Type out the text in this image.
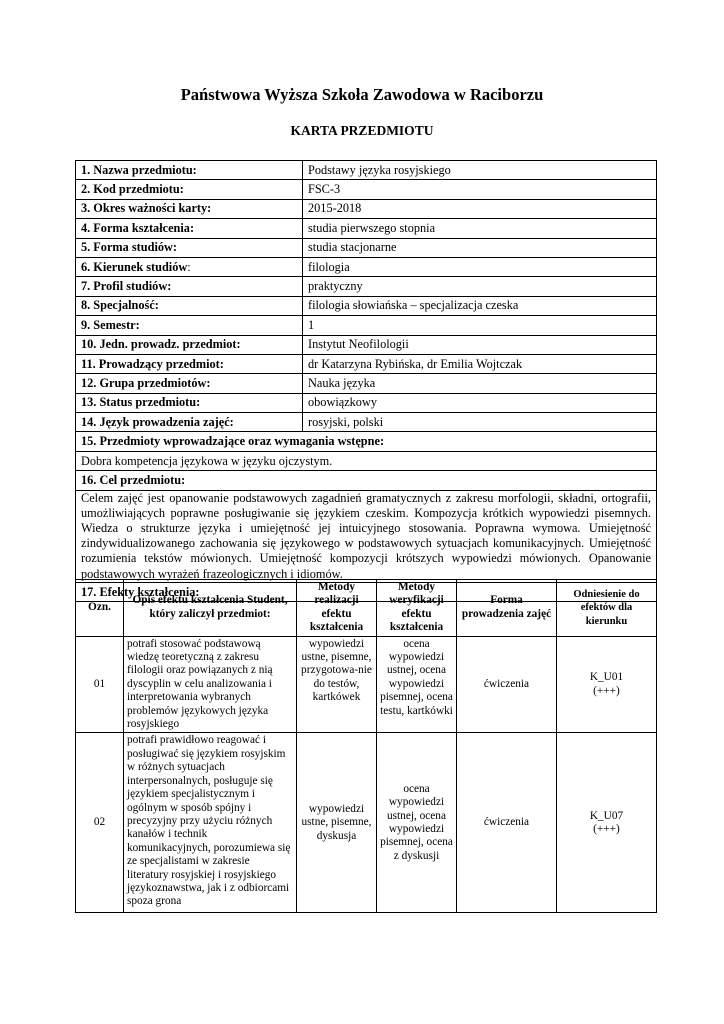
Państwowa Wyższa Szkoła Zawodowa w Raciborzu
KARTA PRZEDMIOTU
1. Nazwa przedmiotu:	Podstawy języka rosyjskiego
2. Kod przedmiotu:	FSC-3
3. Okres ważności karty:	2015-2018
4. Forma kształcenia:	studia pierwszego stopnia
5. Forma studiów:	studia stacjonarne
6. Kierunek studiów:	filologia
7. Profil studiów:	praktyczny
8. Specjalność:	filologia słowiańska – specjalizacja czeska
9. Semestr:	1
10. Jedn. prowadz. przedmiot:	Instytut Neofilologii
11. Prowadzący przedmiot:	dr Katarzyna Rybińska, dr Emilia Wojtczak
12. Grupa przedmiotów:	Nauka języka
13. Status przedmiotu:	obowiązkowy
14. Język prowadzenia zajęć:	rosyjski, polski
15. Przedmioty wprowadzające oraz wymagania wstępne:	
Dobra kompetencja językowa w języku ojczystym.	
16. Cel przedmiotu:	
Celem zajęć jest opanowanie podstawowych zagadnień gramatycznych z zakresu morfologii, składni, ortografii, umożliwiających poprawne posługiwanie się językiem czeskim. Kompozycja krótkich wypowiedzi pisemnych. Wiedza o strukturze języka i umiejętność jej intuicyjnego stosowania. Poprawna wymowa. Umiejętność zindywidualizowanego zachowania się językowego w podstawowych sytuacjach komunikacyjnych. Umiejętność rozumienia tekstów mówionych. Umiejętność kompozycji krótszych wypowiedzi mówionych. Opanowanie podstawowych wyrażeń frazeologicznych i idiomów.	
17. Efekty kształcenia:	
Ozn.	Opis efektu kształcenia Student, który zaliczył przedmiot:	Metody realizacji efektu kształcenia	Metody weryfikacji efektu kształcenia	Forma prowadzenia zajęć	Odniesienie do efektów dla kierunku
01	potrafi stosować podstawową wiedzę teoretyczną z zakresu filologii oraz powiązanych z nią dyscyplin w celu analizowania i interpretowania wybranych problemów językowych języka rosyjskiego	wypowiedzi ustne, pisemne, przygotowa-nie do testów, kartkówek	ocena wypowiedzi ustnej, ocena wypowiedzi pisemnej, ocena testu, kartkówki	ćwiczenia	K_U01
(+++)

02	potrafi prawidłowo reagować i posługiwać się językiem rosyjskim w różnych sytuacjach interpersonalnych, posługuje się językiem specjalistycznym i ogólnym w sposób spójny i precyzyjny przy użyciu różnych kanałów i technik komunikacyjnych, porozumiewa się ze specjalistami w zakresie literatury rosyjskiej i rosyjskiego językoznawstwa, jak i z odbiorcami spoza grona	wypowiedzi ustne, pisemne, dyskusja	ocena wypowiedzi ustnej, ocena wypowiedzi pisemnej, ocena z dyskusji	ćwiczenia	K_U07
(+++)
